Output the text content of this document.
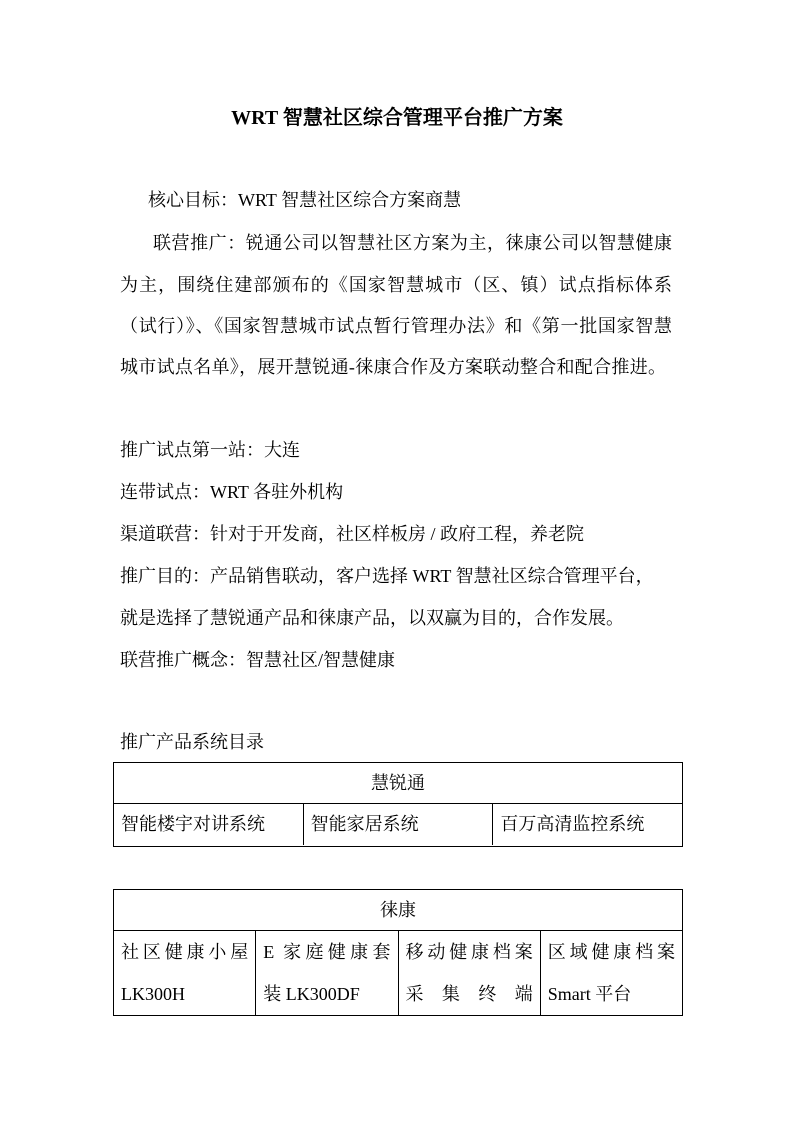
WRT 智慧社区综合管理平台推广方案
核心目标：WRT 智慧社区综合方案商慧
联营推广：锐通公司以智慧社区方案为主，徕康公司以智慧健康
为主，围绕住建部颁布的《国家智慧城市（区、镇）试点指标体系
（试行）》、《国家智慧城市试点暂行管理办法》和《第一批国家智慧
城市试点名单》，展开慧锐通-徕康合作及方案联动整合和配合推进。
推广试点第一站：大连
连带试点：WRT 各驻外机构
渠道联营：针对于开发商，社区样板房 / 政府工程，养老院
推广目的：产品销售联动，客户选择 WRT 智慧社区综合管理平台，
就是选择了慧锐通产品和徕康产品，以双赢为目的，合作发展。
联营推广概念：智慧社区/智慧健康
推广产品系统目录
慧锐通
智能楼宇对讲系统	智能家居系统	百万高清监控系统
徕康
社区健康小屋
LK300H
E 家庭健康套
装 LK300DF
移动健康档案
采 集 终 端
区域健康档案
Smart 平台
